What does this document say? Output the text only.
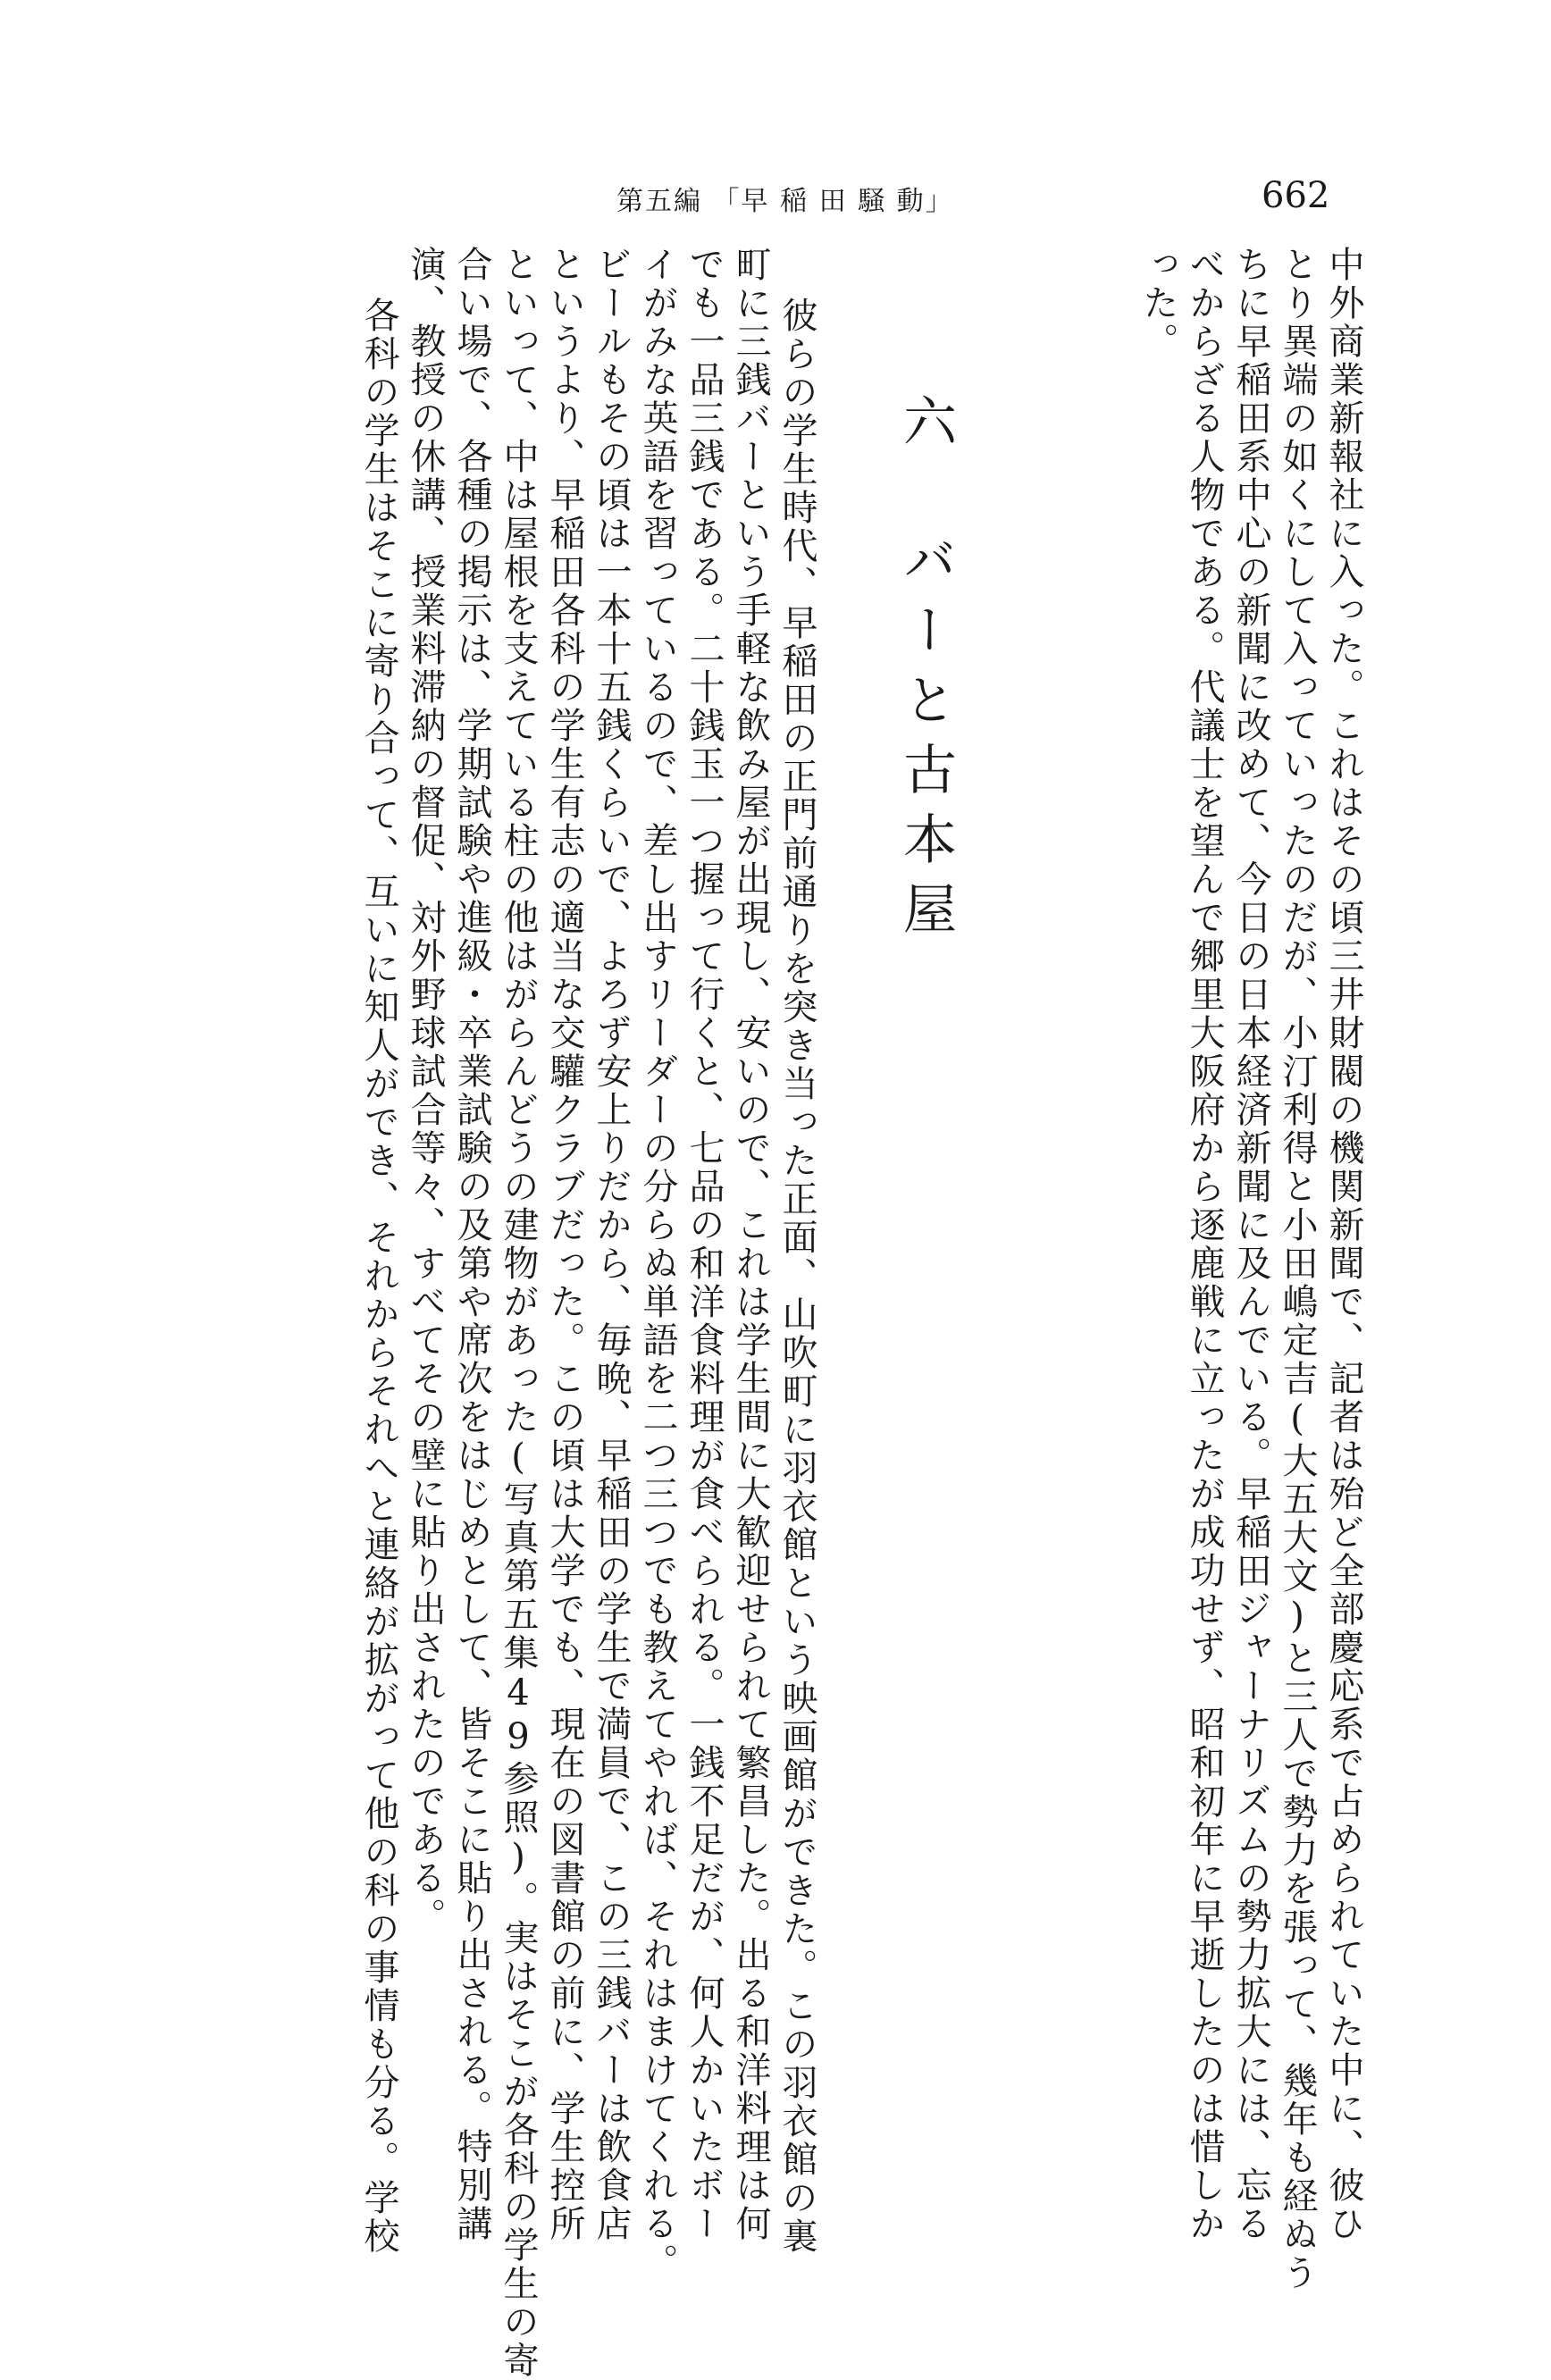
第五編 「早 稲 田 騒 動」	662
中外商業新報社に入った。これはその頃三井財閥の機関新聞で、記者は殆ど全部慶応系で占められていた中に、彼ひ
とり異端の如くにして入っていったのだが、小汀利得と小田嶋定吉(大五大文)と三人で勢力を張って、幾年も経ぬう
ちに早稲田系中心の新聞に改めて、今日の日本経済新聞に及んでいる。早稲田ジャーナリズムの勢力拡大には、忘る
べからざる人物である。代議士を望んで郷里大阪府から逐鹿戦に立ったが成功せず、昭和初年に早逝したのは惜しか
った。
六　バーと古本屋
彼らの学生時代、早稲田の正門前通りを突き当った正面、山吹町に羽衣館という映画館ができた。この羽衣館の裏
町に三銭バーという手軽な飲み屋が出現し、安いので、これは学生間に大歓迎せられて繁昌した。出る和洋料理は何
でも一品三銭である。二十銭玉一つ握って行くと、七品の和洋食料理が食べられる。一銭不足だが、何人かいたボー
イがみな英語を習っているので、差し出すリーダーの分らぬ単語を二つ三つでも教えてやれば、それはまけてくれる。
ビールもその頃は一本十五銭くらいで、よろず安上りだから、毎晩、早稲田の学生で満員で、この三銭バーは飲食店
というより、早稲田各科の学生有志の適当な交驩クラブだった。この頃は大学でも、現在の図書館の前に、学生控所
といって、中は屋根を支えている柱の他はがらんどうの建物があった(写真第五集49参照)。実はそこが各科の学生の寄
合い場で、各種の掲示は、学期試験や進級・卒業試験の及第や席次をはじめとして、皆そこに貼り出される。特別講
演、教授の休講、授業料滞納の督促、対外野球試合等々、すべてその壁に貼り出されたのである。
各科の学生はそこに寄り合って、互いに知人ができ、それからそれへと連絡が拡がって他の科の事情も分る。学校
